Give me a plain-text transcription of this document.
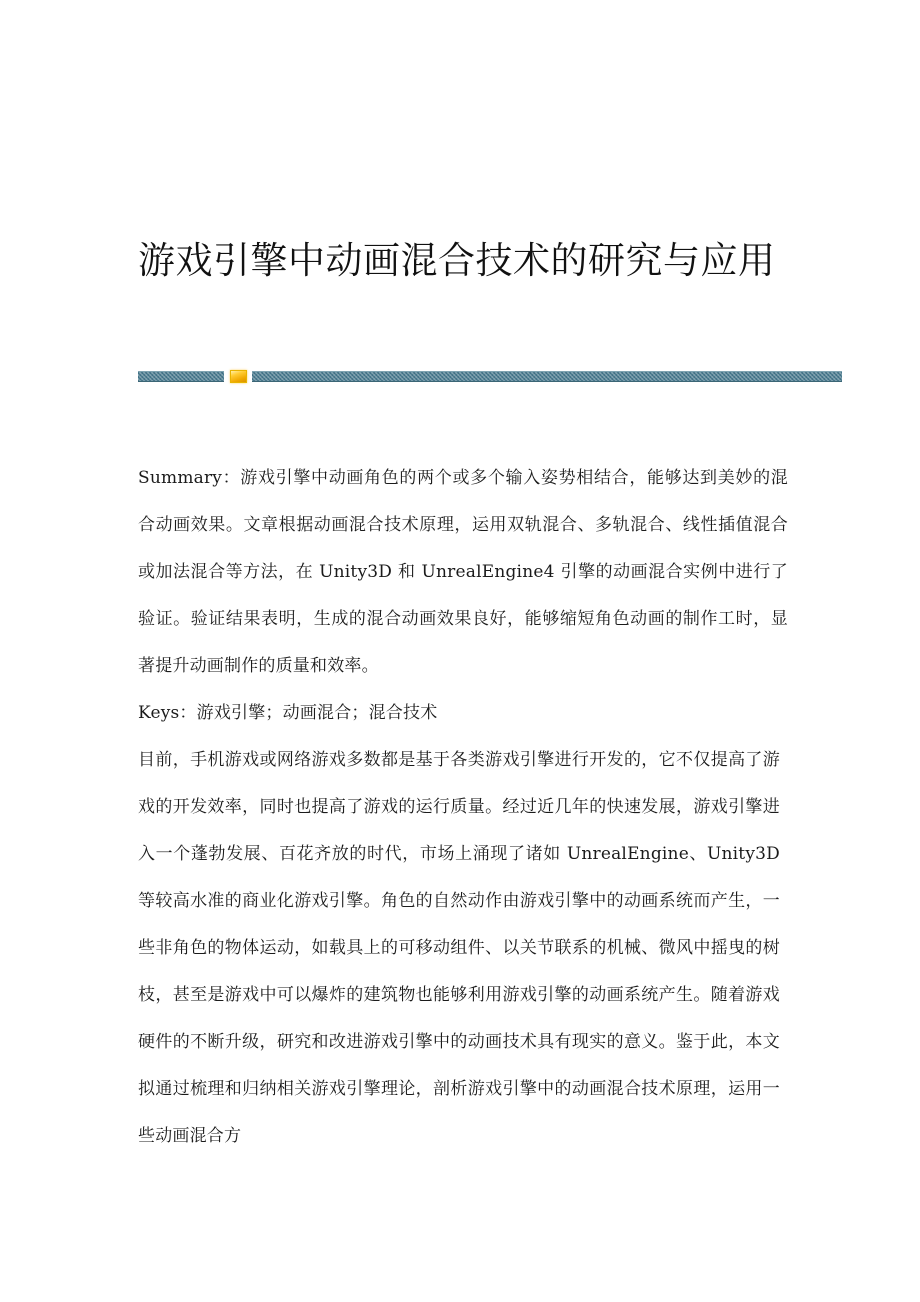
游戏引擎中动画混合技术的研究与应用

Summary：游戏引擎中动画角色的两个或多个输入姿势相结合，能够达到美妙的混合动画效果。文章根据动画混合技术原理，运用双轨混合、多轨混合、线性插值混合或加法混合等方法，在 Unity3D 和 UnrealEngine4 引擎的动画混合实例中进行了验证。验证结果表明，生成的混合动画效果良好，能够缩短角色动画的制作工时，显著提升动画制作的质量和效率。

Keys：游戏引擎；动画混合；混合技术

目前，手机游戏或网络游戏多数都是基于各类游戏引擎进行开发的，它不仅提高了游戏的开发效率，同时也提高了游戏的运行质量。经过近几年的快速发展，游戏引擎进入一个蓬勃发展、百花齐放的时代，市场上涌现了诸如 UnrealEngine、Unity3D 等较高水准的商业化游戏引擎。角色的自然动作由游戏引擎中的动画系统而产生，一些非角色的物体运动，如载具上的可移动组件、以关节联系的机械、微风中摇曳的树枝，甚至是游戏中可以爆炸的建筑物也能够利用游戏引擎的动画系统产生。随着游戏硬件的不断升级，研究和改进游戏引擎中的动画技术具有现实的意义。鉴于此，本文拟通过梳理和归纳相关游戏引擎理论，剖析游戏引擎中的动画混合技术原理，运用一些动画混合方
